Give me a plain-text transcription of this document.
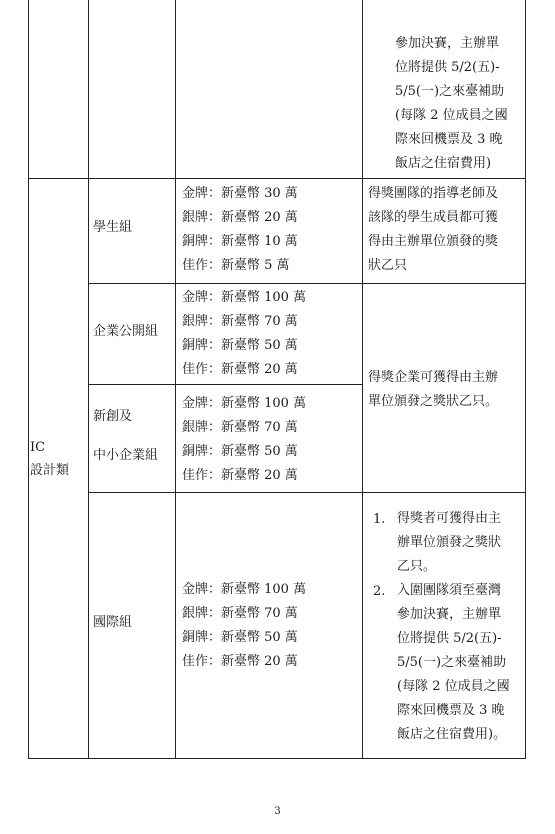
參加決賽，主辦單
位將提供 5/2(五)-
5/5(一)之來臺補助
(每隊 2 位成員之國
際來回機票及 3 晚
飯店之住宿費用)
IC
設計類
學生組
金牌：新臺幣 30 萬
銀牌：新臺幣 20 萬
銅牌：新臺幣 10 萬
佳作：新臺幣 5 萬
得獎團隊的指導老師及
該隊的學生成員都可獲
得由主辦單位頒發的獎
狀乙只
企業公開組
金牌：新臺幣 100 萬
銀牌：新臺幣 70 萬
銅牌：新臺幣 50 萬
佳作：新臺幣 20 萬
新創及
中小企業組
金牌：新臺幣 100 萬
銀牌：新臺幣 70 萬
銅牌：新臺幣 50 萬
佳作：新臺幣 20 萬
得獎企業可獲得由主辦
單位頒發之獎狀乙只。
國際組
金牌：新臺幣 100 萬
銀牌：新臺幣 70 萬
銅牌：新臺幣 50 萬
佳作：新臺幣 20 萬
1. 得獎者可獲得由主
辦單位頒發之獎狀
乙只。
2. 入圍團隊須至臺灣
參加決賽，主辦單
位將提供 5/2(五)-
5/5(一)之來臺補助
(每隊 2 位成員之國
際來回機票及 3 晚
飯店之住宿費用)。
3
